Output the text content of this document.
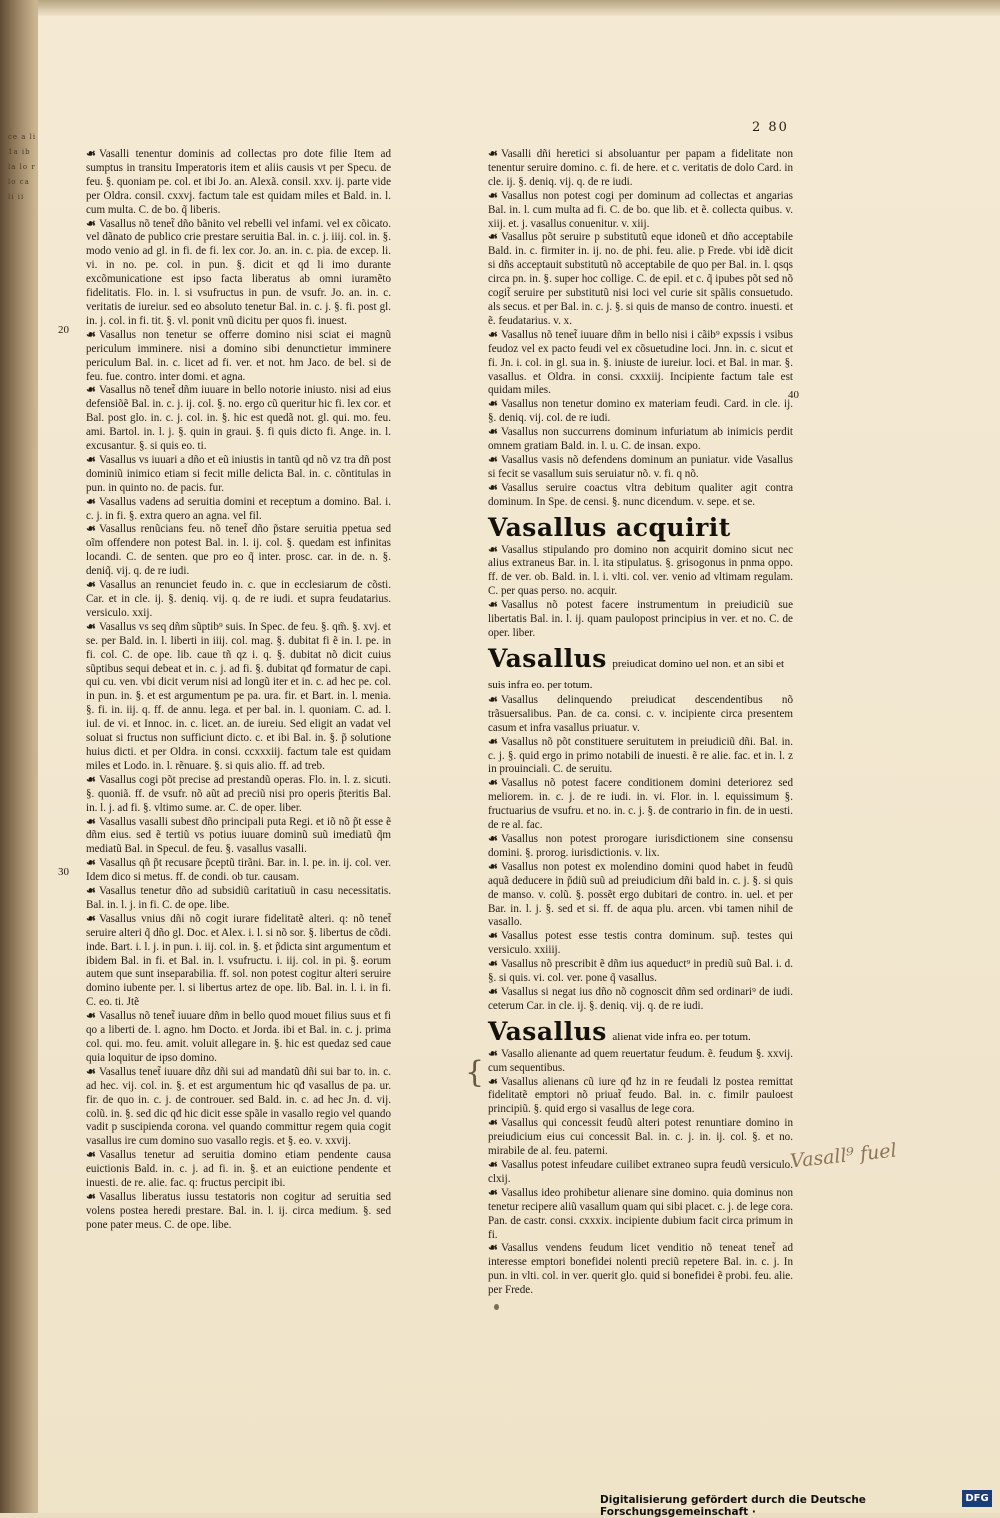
ce a li 1a ib la lo r lo ca li ii
2 80
20
30
40

☙ Vasalli tenentur dominis ad collectas pro dote filie Item ad sumptus in transitu Imperatoris item et aliis causis vt per Specu. de feu. §. quoniam pe. col. et ibi Jo. an. Alexã. consil. xxv. ij. parte vide per Oldra. consil. cxxvj. factum tale est quidam miles et Bald. in. l. cum multa. C. de bo. q̃ liberis.

☙ Vasallus nõ tenet̃ dño bãnito vel rebelli vel infami. vel ex cõicato. vel dãnato de publico crie prestare seruitia Bal. in. c. j. iiij. col. in. §. modo venio ad gl. in fi. de fi. lex cor. Jo. an. in. c. pia. de excep. li. vi. in no. pe. col. in pun. §. dicit et qd li imo durante excõmunicatione est ipso facta liberatus ab omni iuramẽto fidelitatis. Flo. in. l. si vsufructus in pun. de vsufr. Jo. an. in. c. veritatis de iureiur. sed eo absoluto tenetur Bal. in. c. j. §. fi. post gl. in. j. col. in fi. tit. §. vl. ponit vnũ dicitu per quos fi. inuest.

☙ Vasallus non tenetur se offerre domino nisi sciat ei magnũ periculum imminere. nisi a domino sibi denunctietur imminere periculum Bal. in. c. licet ad fi. ver. et not. hm Jaco. de bel. si de feu. fue. contro. inter domi. et agna.

☙ Vasallus nõ tenet̃ dñm iuuare in bello notorie iniusto. nisi ad eius defensiõẽ Bal. in. c. j. ij. col. §. no. ergo cũ queritur hic fi. lex cor. et Bal. post glo. in. c. j. col. in. §. hic est quedã not. gl. qui. mo. feu. ami. Bartol. in. l. j. §. quin in graui. §. fi quis dicto fi. Ange. in. l. excusantur. §. si quis eo. ti.

☙ Vasallus vs iuuari a dño et eũ iniustis in tantũ qd nõ vz tra dñ post dominiũ inimico etiam si fecit mille delicta Bal. in. c. cõntitulas in pun. in quinto no. de pacis. fur.

☙ Vasallus vadens ad seruitia domini et receptum a domino. Bal. i. c. j. in fi. §. extra quero an agna. vel fil.

☙ Vasallus renũcians feu. nõ tenet̃ dño p̃stare seruitia ppetua sed oĩm offendere non potest Bal. in. l. ij. col. §. quedam est infinitas locandi. C. de senten. que pro eo q̃ inter. prosc. car. in de. n. §. deniq̃. vij. q. de re iudi.

☙ Vasallus an renunciet feudo in. c. que in ecclesiarum de cõsti. Car. et in cle. ij. §. deniq. vij. q. de re iudi. et supra feudatarius. versiculo. xxij.

☙ Vasallus vs seq dñm sũptib⁹ suis. In Spec. de feu. §. qm̃. §. xvj. et se. per Bald. in. l. liberti in iiij. col. mag. §. dubitat fi ẽ in. l. pe. in fi. col. C. de ope. lib. caue tñ qz i. q. §. dubitat nõ dicit cuius sũptibus sequi debeat et in. c. j. ad fi. §. dubitat qđ formatur de capi. qui cu. ven. vbi dicit verum nisi ad longũ iter et in. c. ad hec pe. col. in pun. in. §. et est argumentum pe pa. ura. fir. et Bart. in. l. menia. §. fi. in. iij. q. ff. de annu. lega. et per bal. in. l. quoniam. C. ad. l. iul. de vi. et Innoc. in. c. licet. an. de iureiu. Sed eligit an vadat vel soluat si fructus non sufficiunt dicto. c. et ibi Bal. in. §. p̃ solutione huius dicti. et per Oldra. in consi. ccxxxiij. factum tale est quidam miles et Lodo. in. l. rẽnuare. §. si quis alio. ff. ad treb.

☙ Vasallus cogi põt precise ad prestandũ operas. Flo. in. l. z. sicuti. §. quoniã. ff. de vsufr. nõ aũt ad preciũ nisi pro operis p̃teritis Bal. in. l. j. ad fi. §. vltimo sume. ar. C. de oper. liber.

☙ Vasallus vasalli subest dño principali puta Regi. et iõ nõ p̃t esse ẽ dñm eius. sed ẽ tertiũ vs potius iuuare dominũ suũ imediatũ q̃m mediatũ Bal. in Specul. de feu. §. vasallus vasalli.

☙ Vasallus qñ p̃t recusare p̃ceptũ tirãni. Bar. in. l. pe. in. ij. col. ver. Idem dico si metus. ff. de condi. ob tur. causam.

☙ Vasallus tenetur dño ad subsidiũ caritatiuũ in casu necessitatis. Bal. in. l. j. in fi. C. de ope. libe.

☙ Vasallus vnius dñi nõ cogit iurare fidelitatẽ alteri. q: nõ tenet̃ seruire alteri q̃ dño gl. Doc. et Alex. i. l. si nõ sor. §. libertus de cõdi. inde. Bart. i. l. j. in pun. i. iij. col. in. §. et p̃dicta sint argumentum et ibidem Bal. in fi. et Bal. in. l. vsufructu. i. iij. col. in pi. §. eorum autem que sunt inseparabilia. ff. sol. non potest cogitur alteri seruire domino iubente per. l. si libertus artez de ope. lib. Bal. in. l. i. in fi. C. eo. ti. Jtẽ

☙ Vasallus nõ tenet̃ iuuare dñm in bello quod mouet filius suus et fi qo a liberti de. l. agno. hm Docto. et Jorda. ibi et Bal. in. c. j. prima col. qui. mo. feu. amit. voluit allegare in. §. hic est quedaz sed caue quia loquitur de ipso domino.

☙ Vasallus tenet̃ iuuare dñz dñi sui ad mandatũ dñi sui bar to. in. c. ad hec. vij. col. in. §. et est argumentum hic qđ vasallus de pa. ur. fir. de quo in. c. j. de controuer. sed Bald. in. c. ad hec Jn. d. vij. colũ. in. §. sed dic qđ hic dicit esse spãle in vasallo regio vel quando vadit p suscipienda corona. vel quando committur regem quia cogit vasallus ire cum domino suo vasallo regis. et §. eo. v. xxvij.

☙ Vasallus tenetur ad seruitia domino etiam pendente causa euictionis Bald. in. c. j. ad fi. in. §. et an euictione pendente et inuesti. de re. alie. fac. q: fructus percipit ibi.

☙ Vasallus liberatus iussu testatoris non cogitur ad seruitia sed volens postea heredi prestare. Bal. in. l. ij. circa medium. §. sed pone pater meus. C. de ope. libe.

☙ Vasalli dñi heretici si absoluantur per papam a fidelitate non tenentur seruire domino. c. fi. de here. et c. veritatis de dolo Card. in cle. ij. §. deniq. vij. q. de re iudi.

☙ Vasallus non potest cogi per dominum ad collectas et angarias Bal. in. l. cum multa ad fi. C. de bo. que lib. et ẽ. collecta quibus. v. xiij. et. j. vasallus conuenitur. v. xiij.

☙ Vasallus põt seruire p substitutũ eque idoneũ et dño acceptabile Bald. in. c. firmiter in. ij. no. de phi. feu. alie. p Frede. vbi idẽ dicit si dñs acceptauit substitutũ nõ acceptabile de quo per Bal. in. l. qsqs circa pn. in. §. super hoc collige. C. de epil. et c. q̃ ipubes põt sed nõ cogit̃ seruire per substitutũ nisi loci vel curie sit spãlis consuetudo. als secus. et per Bal. in. c. j. §. si quis de manso de contro. inuesti. et ẽ. feudatarius. v. x.

☙ Vasallus nõ tenet̃ iuuare dñm in bello nisi i cãib⁹ expssis i vsibus feudoz vel ex pacto feudi vel ex cõsuetudine loci. Jnn. in. c. sicut et fi. Jn. i. col. in gl. sua in. §. iniuste de iureiur. loci. et Bal. in mar. §. vasallus. et Oldra. in consi. cxxxiij. Incipiente factum tale est quidam miles.

☙ Vasallus non tenetur domino ex materiam feudi. Card. in cle. ij. §. deniq. vij. col. de re iudi.

☙ Vasallus non succurrens dominum infuriatum ab inimicis perdit omnem gratiam Bald. in. l. u. C. de insan. expo.

☙ Vasallus vasis nõ defendens dominum an puniatur. vide Vasallus si fecit se vasallum suis seruiatur nõ. v. fi. q nõ.

☙ Vasallus seruire coactus vltra debitum qualiter agit contra dominum. In Spe. de censi. §. nunc dicendum. v. sepe. et se.

Vasallus acquirit

☙ Vasallus stipulando pro domino non acquirit domino sicut nec alius extraneus Bar. in. l. ita stipulatus. §. grisogonus in pnma oppo. ff. de ver. ob. Bald. in. l. i. vlti. col. ver. venio ad vltimam regulam. C. per quas perso. no. acquir.

☙ Vasallus nõ potest facere instrumentum in preiudiciũ sue libertatis Bal. in. l. ij. quam paulopost principius in ver. et no. C. de oper. liber.

Vasallus preiudicat domino uel non. et an sibi et suis infra eo. per totum.

☙ Vasallus delinquendo preiudicat descendentibus nõ trãsuersalibus. Pan. de ca. consi. c. v. incipiente circa presentem casum et infra vasallus priuatur. v.

☙ Vasallus nõ põt constituere seruitutem in preiudiciũ dñi. Bal. in. c. j. §. quid ergo in primo notabili de inuesti. ẽ re alie. fac. et in. l. z in prouinciali. C. de seruitu.

☙ Vasallus nõ potest facere conditionem domini deteriorez sed meliorem. in. c. j. de re iudi. in. vi. Flor. in. l. equissimum §. fructuarius de vsufru. et no. in. c. j. §. de contrario in fin. de in uesti. de re al. fac.

☙ Vasallus non potest prorogare iurisdictionem sine consensu domini. §. prorog. iurisdictionis. v. lix.

☙ Vasallus non potest ex molendino domini quod habet in feudũ aquã deducere in p̃diũ suũ ad preiudicium dñi bald in. c. j. §. si quis de manso. v. colũ. §. possẽt ergo dubitari de contro. in. uel. et per Bar. in. l. j. §. sed et si. ff. de aqua plu. arcen. vbi tamen nihil de vasallo.

☙ Vasallus potest esse testis contra dominum. sup̃. testes qui versiculo. xxiiij.

☙ Vasallus nõ prescribit ẽ dñm ius aqueduct⁹ in prediũ suũ Bal. i. d. §. si quis. vi. col. ver. pone q̃ vasallus.

☙ Vasallus si negat ius dño nõ cognoscit dñm sed ordinari⁹ de iudi. ceterum Car. in cle. ij. §. deniq. vij. q. de re iudi.

Vasallus alienat vide infra eo. per totum.

☙ Vasallo alienante ad quem reuertatur feudum. ẽ. feudum §. xxvij. cum sequentibus.

☙ Vasallus alienans cũ iure qđ hz in re feudali lz postea remittat fidelitatẽ emptori nõ priuat̃ feudo. Bal. in. c. fimilr pauloest principiũ. §. quid ergo si vasallus de lege cora.

☙ Vasallus qui concessit feudũ alteri potest renuntiare domino in preiudicium eius cui concessit Bal. in. c. j. in. ij. col. §. et no. mirabile de al. feu. paterni.

☙ Vasallus potest infeudare cuilibet extraneo supra feudũ versiculo. clxij.

☙ Vasallus ideo prohibetur alienare sine domino. quia dominus non tenetur recipere aliũ vasallum quam qui sibi placet. c. j. de lege cora. Pan. de castr. consi. cxxxix. incipiente dubium facit circa primum in fi.

☙ Vasallus vendens feudum licet venditio nõ teneat tenet̃ ad interesse emptori bonefidei nolenti preciũ repetere Bal. in. c. j. In pun. in vlti. col. in ver. querit glo. quid si bonefidei ẽ probi. feu. alie. per Frede.

{
Vasall⁹ fuel
Digitalisierung gefördert durch die Deutsche Forschungsgemeinschaft ·
DFG
